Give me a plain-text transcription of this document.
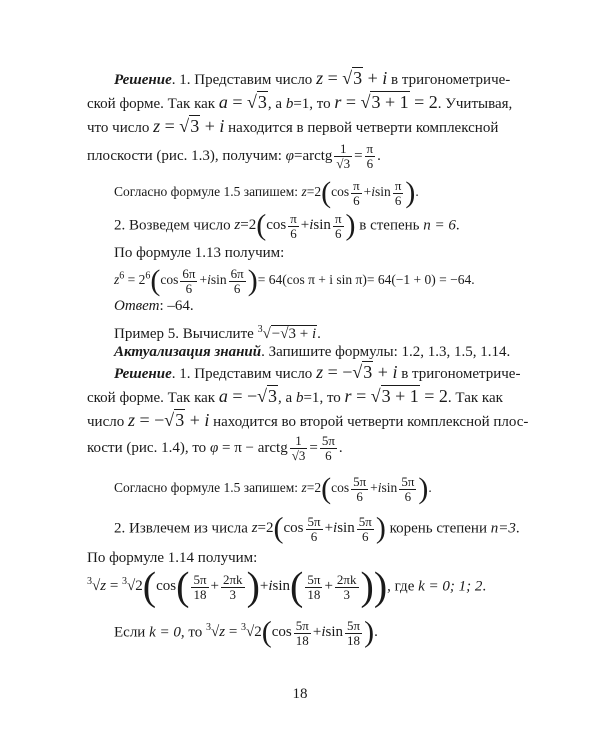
Решение. 1. Представим число z = √3 + i в тригонометриче-
ской форме. Так как a = √3, а b=1, то r = √3 + 1 = 2. Учитывая,
что число z = √3 + i находится в первой четверти комплексной
плоскости (рис. 1.3), получим: φ=arctg $\frac{1}{√3} = \frac{\pi}{6}$ .
Согласно формуле 1.5 запишем: $z=2(\cos \frac{\pi}{6} +isin \frac{\pi}{6}$ ).
2. Возведем число $z=2(\cos \frac{\pi}{6} +isin \frac{\pi}{6}$ ) в степень n = 6.
По формуле 1.13 получим:
$z^6 = 2^6(\cos \frac{6\pi}{6} +isin \frac{6\pi}{6}$ )= 64(cos π + i sin π)= 64(−1 + 0) = −64.
Ответ: –64.
Пример 5. Вычислите $^3$√−√3 + i.
Актуализация знаний. Запишите формулы: 1.2, 1.3, 1.5, 1.14.
Решение. 1. Представим число z = −√3 + i в тригонометриче-
ской форме. Так как a = −√3, а b=1, то r = √3 + 1 = 2. Так как
число z = −√3 + i находится во второй четверти комплексной плос-
кости (рис. 1.4), то φ = π − arctg $\frac{1}{√3} = \frac{5\pi}{6}$ .
Согласно формуле 1.5 запишем: $z=2(\cos \frac{5\pi}{6} +isin \frac{5\pi}{6}$ ).
2. Извлечем из числа $z=2(\cos \frac{5\pi}{6} +isin \frac{5\pi}{6}$ ) корень степени n=3.
По формуле 1.14 получим:
$^3√z = ^3√2(\cos( \frac{5\pi}{18} + \frac{2\pi k}{3} )+isin( \frac{5\pi}{18} + \frac{2\pi k}{3}$ )), где k = 0; 1; 2.
Если k = 0, то $^3√z = ^3√2(\cos \frac{5\pi}{18} +isin \frac{5\pi}{18}$ ).
18
